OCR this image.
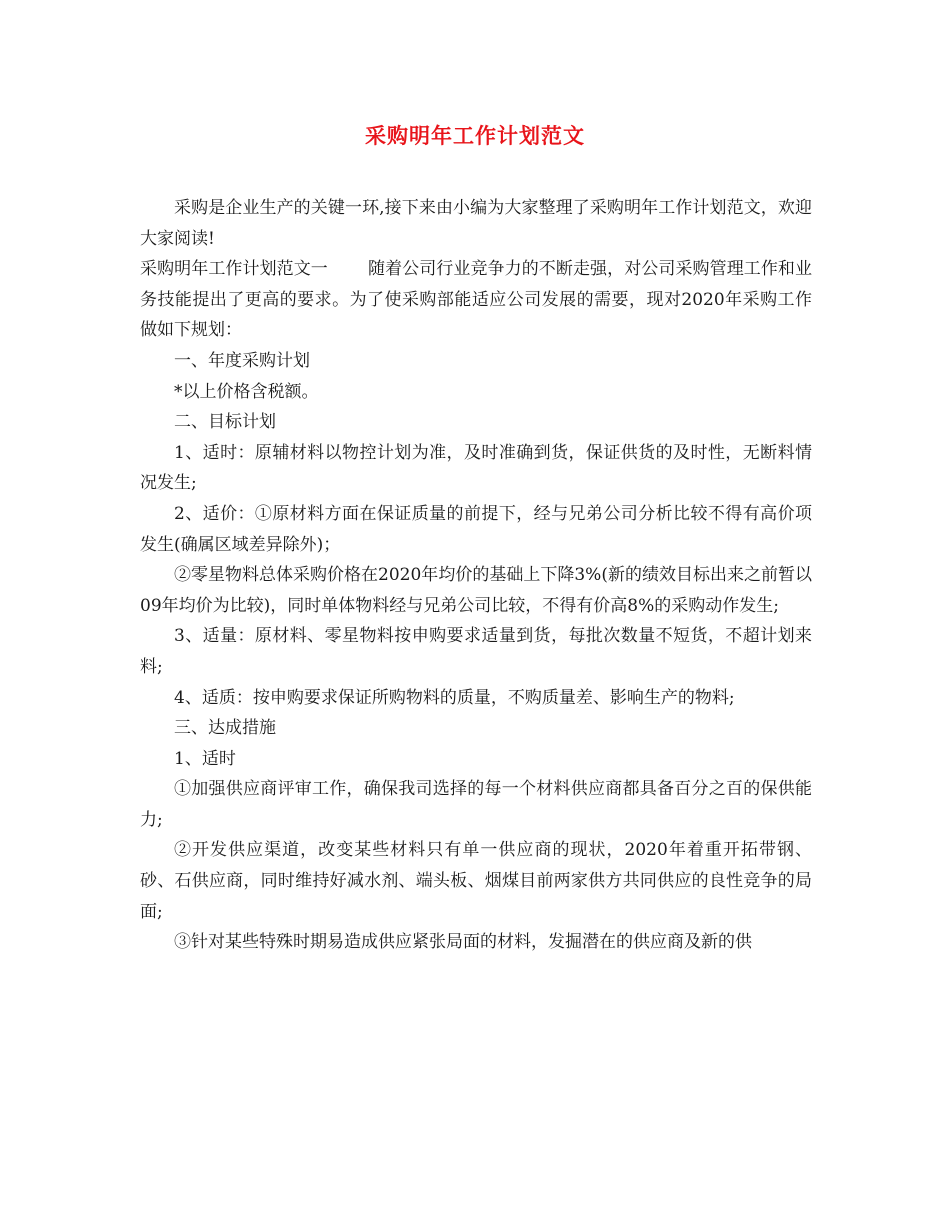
采购明年工作计划范文

采购是企业生产的关键一环,接下来由小编为大家整理了采购明年工作计划范文，欢迎大家阅读!

采购明年工作计划范文一 随着公司行业竞争力的不断走强，对公司采购管理工作和业务技能提出了更高的要求。为了使采购部能适应公司发展的需要，现对2020年采购工作做如下规划：

一、年度采购计划

*以上价格含税额。

二、目标计划

1、适时：原辅材料以物控计划为准，及时准确到货，保证供货的及时性，无断料情况发生;

2、适价：①原材料方面在保证质量的前提下，经与兄弟公司分析比较不得有高价项发生(确属区域差异除外)；

②零星物料总体采购价格在2020年均价的基础上下降3%(新的绩效目标出来之前暂以09年均价为比较)，同时单体物料经与兄弟公司比较，不得有价高8%的采购动作发生;

3、适量：原材料、零星物料按申购要求适量到货，每批次数量不短货，不超计划来料;

4、适质：按申购要求保证所购物料的质量，不购质量差、影响生产的物料;

三、达成措施

1、适时

①加强供应商评审工作，确保我司选择的每一个材料供应商都具备百分之百的保供能力;

②开发供应渠道，改变某些材料只有单一供应商的现状，2020年着重开拓带钢、砂、石供应商，同时维持好减水剂、端头板、烟煤目前两家供方共同供应的良性竞争的局面;

③针对某些特殊时期易造成供应紧张局面的材料，发掘潜在的供应商及新的供
